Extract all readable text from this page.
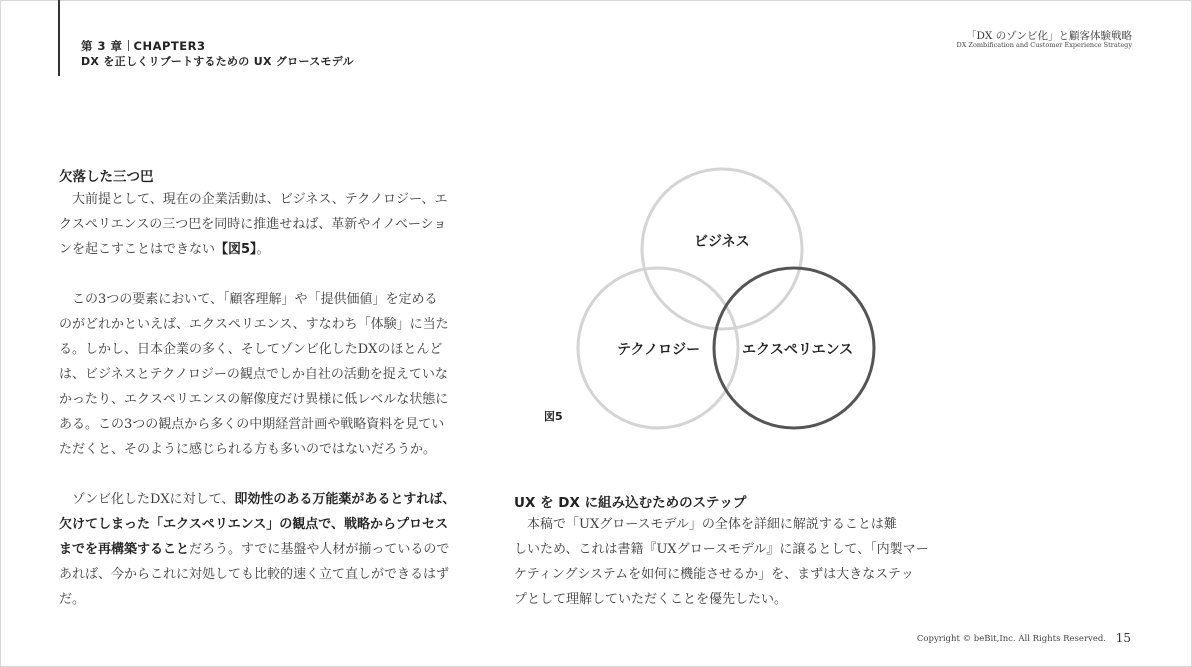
第 3 章 CHAPTER3
DX を正しくリブートするための UX グロースモデル
「DX のゾンビ化」と顧客体験戦略
DX Zombification and Customer Experience Strategy
欠落した三つ巴

　大前提として、現在の企業活動は、ビジネス、テクノロジー、エ
クスペリエンスの三つ巴を同時に推進せねば、革新やイノベーショ
ンを起こすことはできない【図5】。

　この3つの要素において、「顧客理解」や「提供価値」を定める
のがどれかといえば、エクスペリエンス、すなわち「体験」に当た
る。しかし、日本企業の多く、そしてゾンビ化したDXのほとんど
は、ビジネスとテクノロジーの観点でしか自社の活動を捉えていな
かったり、エクスペリエンスの解像度だけ異様に低レベルな状態に
ある。この3つの観点から多くの中期経営計画や戦略資料を見てい
ただくと、そのように感じられる方も多いのではないだろうか。

　ゾンビ化したDXに対して、即効性のある万能薬があるとすれば、
欠けてしまった「エクスペリエンス」の観点で、戦略からプロセス
までを再構築することだろう。すでに基盤や人材が揃っているので
あれば、今からこれに対処しても比較的速く立て直しができるはず
だ。

ビジネス
テクノロジー	エクスペリエンス
図5
UX を DX に組み込むためのステップ

　本稿で「UXグロースモデル」の全体を詳細に解説することは難
しいため、これは書籍『UXグロースモデル』に譲るとして、「内製マー
ケティングシステムを如何に機能させるか」を、まずは大きなステッ
プとして理解していただくことを優先したい。

Copyright © beBit,Inc. All Rights Reserved. 15
